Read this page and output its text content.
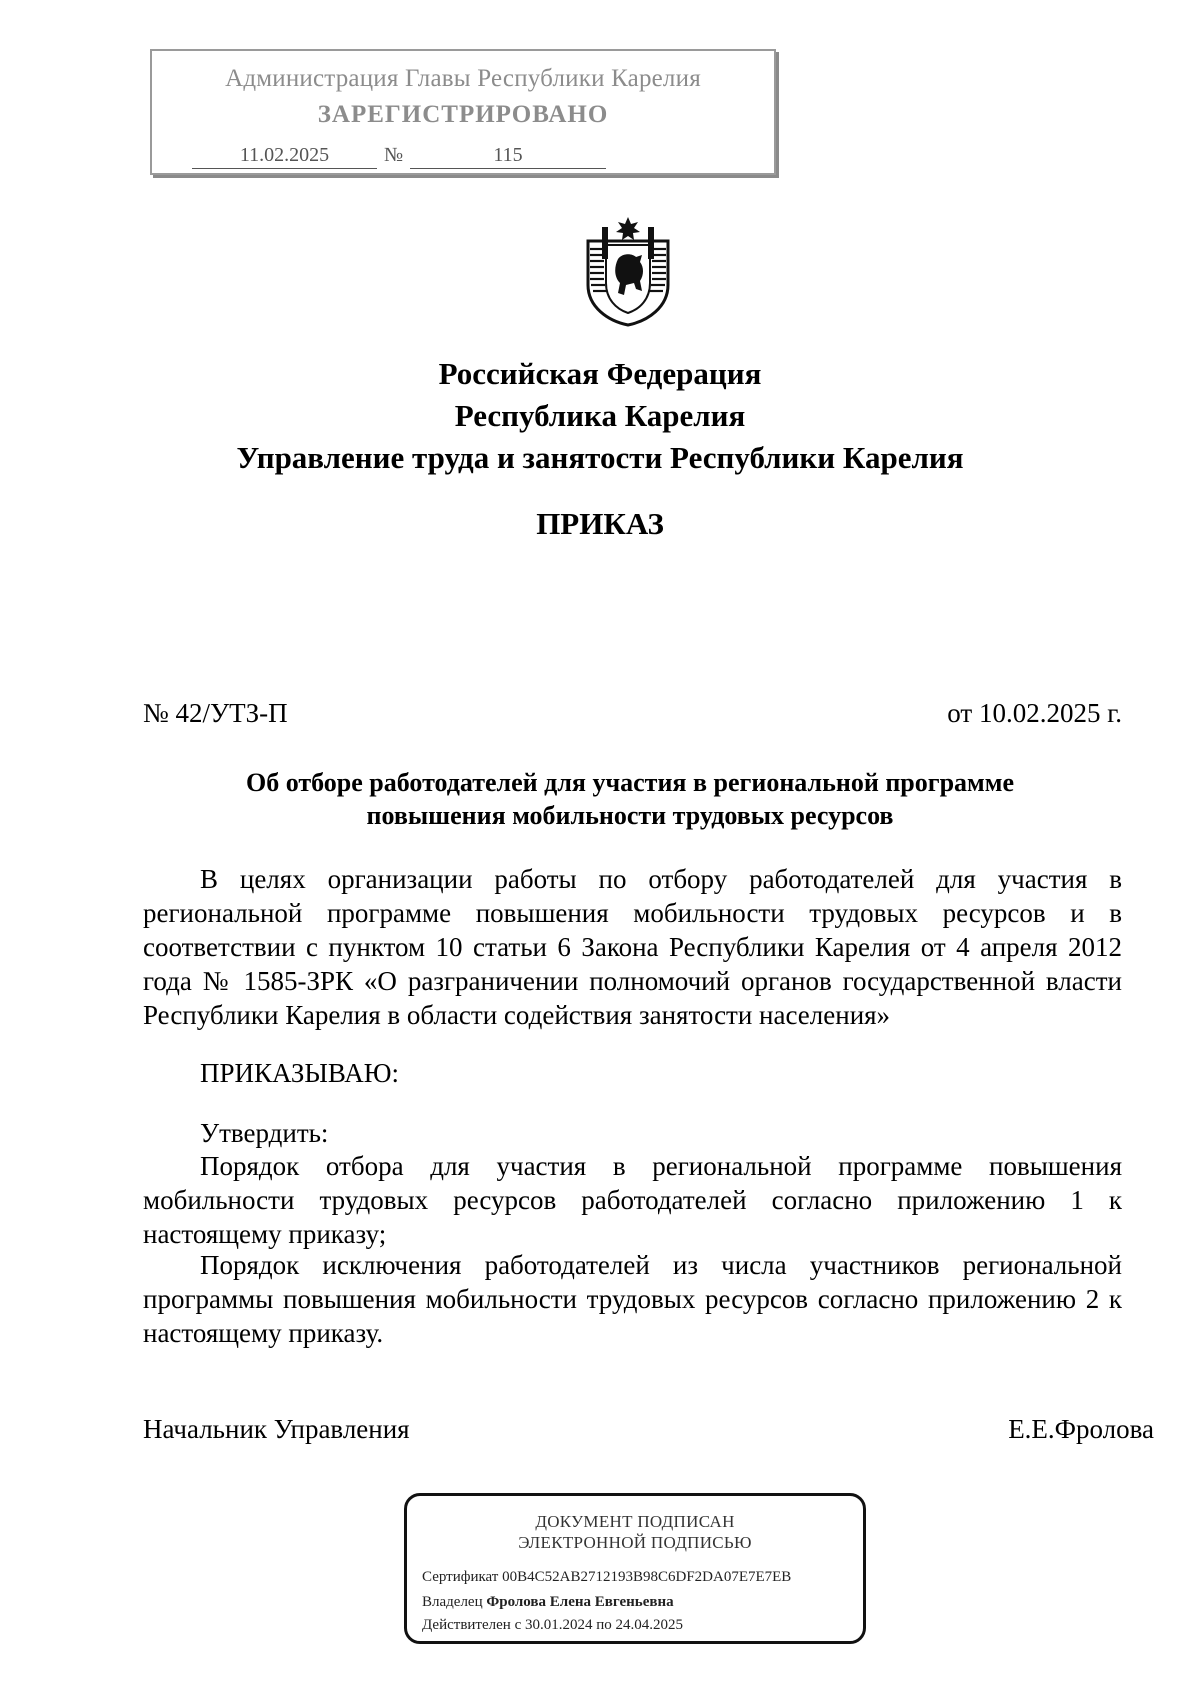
Администрация Главы Республики Карелия
ЗАРЕГИСТРИРОВАНО
11.02.2025	№	115
Российская Федерация
Республика Карелия
Управление труда и занятости Республики Карелия
ПРИКАЗ
№ 42/УТЗ-П	от 10.02.2025 г.
Об отборе работодателей для участия в региональной программе
повышения мобильности трудовых ресурсов
В целях организации работы по отбору работодателей для участия в региональной программе повышения мобильности трудовых ресурсов и в соответствии с пунктом 10 статьи 6 Закона Республики Карелия от 4 апреля 2012 года № 1585-ЗРК «О разграничении полномочий органов государственной власти Республики Карелия в области содействия занятости населения»
ПРИКАЗЫВАЮ:
Утвердить:
Порядок отбора для участия в региональной программе повышения мобильности трудовых ресурсов работодателей согласно приложению 1 к настоящему приказу;
Порядок исключения работодателей из числа участников региональной программы повышения мобильности трудовых ресурсов согласно приложению 2 к настоящему приказу.
Начальник Управления	Е.Е.Фролова
ДОКУМЕНТ ПОДПИСАН
ЭЛЕКТРОННОЙ ПОДПИСЬЮ
Сертификат 00B4C52AB2712193B98C6DF2DA07E7E7EB
Владелец Фролова Елена Евгеньевна
Действителен с 30.01.2024 по 24.04.2025
